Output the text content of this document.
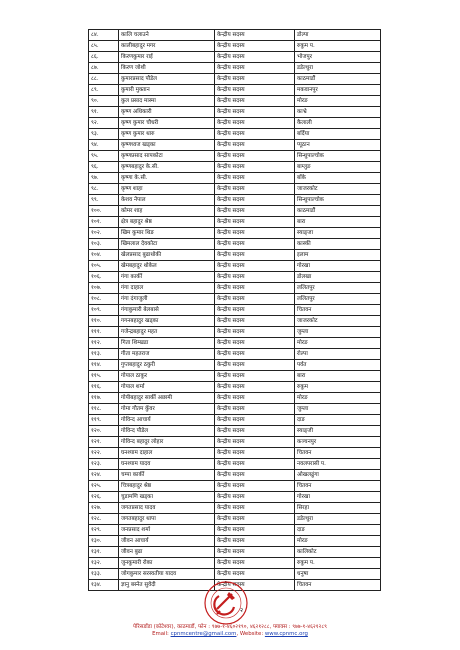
८४.	कालि चलाउने	केन्द्रीय सदस्य	डोल्पा
८५.	कालीबहादुर मगर	केन्द्रीय सदस्य	रुकुम प.
८६.	किरणकुमार राई	केन्द्रीय सदस्य	भोजपुर
८७.	किरण जोशी	केन्द्रीय सदस्य	डडेल्धुरा
८८.	कुमारप्रसाद पौडेल	केन्द्रीय सदस्य	काठमाडौं
८९.	कुमारी मुक्तान	केन्द्रीय सदस्य	मकवानपुर
९०.	कुल प्रसाद मास्मा	केन्द्रीय सदस्य	मोरङ
९१.	कृष्ण अधिकारी	केन्द्रीय सदस्य	काभ्रे
९२.	कृष्ण कुमार चौधरी	केन्द्रीय सदस्य	कैलाली
९३.	कृष्ण कुमार थारु	केन्द्रीय सदस्य	बर्दिया
९४.	कृष्णध्वज खड्का	केन्द्रीय सदस्य	प्यूठान
९५.	कृष्णप्रसाद सापकोटा	केन्द्रीय सदस्य	सिन्धुपाल्चोक
९६.	कृष्णबहादुर के.सी.	केन्द्रीय सदस्य	बाग्लुङ
९७.	कृष्णा के.सी.	केन्द्रीय सदस्य	बाँके
९८.	कृष्ण शाहा	केन्द्रीय सदस्य	जाजरकोट
९९.	केशव नेपाल	केन्द्रीय सदस्य	सिन्धुपाल्चोक
१००.	कोमर शाह	केन्द्रीय सदस्य	काठमाडौं
१०१.	क्षेत्र बहादुर श्रेष्ठ	केन्द्रीय सदस्य	बारा
१०२.	खिम कुमार थिङ	केन्द्रीय सदस्य	स्याङ्जा
१०३.	खिमलाल देवकोटा	केन्द्रीय सदस्य	कास्की
१०४.	खेलप्रसाद बुढाथोकी	केन्द्रीय सदस्य	इलाम
१०५.	खेमबहादुर थोकेल	केन्द्रीय सदस्य	गोरखा
१०६.	गंगा कार्की	केन्द्रीय सदस्य	डोलखा
१०७.	गंगा दाहाल	केन्द्रीय सदस्य	ललितपुर
१०८.	गंगा दंगाजुली	केन्द्रीय सदस्य	ललितपुर
१०९.	गंगाकुमारी बेलबासे	केन्द्रीय सदस्य	चितवन
११०.	गगनबहादुर खड्का	केन्द्रीय सदस्य	जाजरकोट
१११.	गजेन्द्रबहादुर महत	केन्द्रीय सदस्य	जुम्ला
११२.	गिता शिम्खडा	केन्द्रीय सदस्य	मोरङ
११३.	गीता महतराज	केन्द्रीय सदस्य	रोल्पा
११४.	गुप्तबहादुर ठकुरी	केन्द्रीय सदस्य	पर्वत
११५.	गोपाल ठाकुर	केन्द्रीय सदस्य	बारा
११६.	गोपाल शर्मा	केन्द्रीय सदस्य	रुकुम
११७.	गोपीबहादुर सार्की अछामी	केन्द्रीय सदस्य	मोरङ
११८.	गोमा गौतम कुँवर	केन्द्रीय सदस्य	जुम्ला
११९.	गोविन्द आचार्य	केन्द्रीय सदस्य	दाङ
१२०.	गोविन्द पौडेल	केन्द्रीय सदस्य	स्याङ्जी
१२१.	गोविन्द बहादुर लोहार	केन्द्रीय सदस्य	कञ्चनपुर
१२२.	घनश्याम दाहाल	केन्द्रीय सदस्य	चितवन
१२३.	घनश्याम यादव	केन्द्रीय सदस्य	नवलपरासी प.
१२४.	चम्पा कार्की	केन्द्रीय सदस्य	ओखलढुंगा
१२५.	चित्रबहादुर श्रेष्ठ	केन्द्रीय सदस्य	चितवन
१२६.	चुडामणि खड्का	केन्द्रीय सदस्य	गोरखा
१२७.	जगतप्रसाद यादव	केन्द्रीय सदस्य	सिरहा
१२८.	जगतबहादुर थापा	केन्द्रीय सदस्य	डडेल्धुरा
१२९.	जनप्रसाद शर्मा	केन्द्रीय सदस्य	दाङ
१३०.	जीवन आचार्य	केन्द्रीय सदस्य	मोरङ
१३१.	जीवन बुढा	केन्द्रीय सदस्य	कालिकोट
१३२.	जुनकुमारी रोका	केन्द्रीय सदस्य	रुकुम प.
१३३.	जोगकुमार सरस्वतीया यादव	केन्द्रीय सदस्य	धनुषा
१३४.	ज्ञानु बस्नेत सुवेदी	केन्द्रीय सदस्य	चितवन
२
पेरिसडाँडा (कोटेश्वर), काठमाडौं, फोन : ९७७-१-४६०२१९०, ४६२१२८८, फ्याक्स : ९७७-१-४६२१२८९
Email: cpnmcentre@gmail.com, Website: www.cpnmc.org
